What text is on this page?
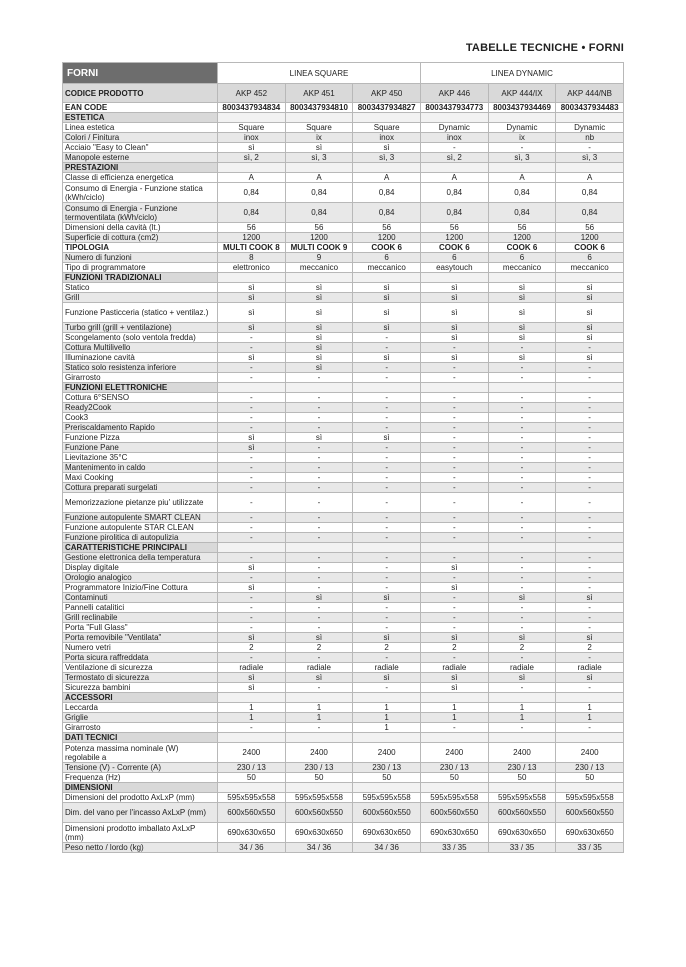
TABELLE TECNICHE • FORNI
FORNI	LINEA SQUARE			LINEA DYNAMIC		
CODICE PRODOTTO	AKP 452	AKP 451	AKP 450	AKP 446	AKP 444/IX	AKP 444/NB
EAN CODE	8003437934834	8003437934810	8003437934827	8003437934773	8003437934469	8003437934483
ESTETICA						
Linea estetica	Square	Square	Square	Dynamic	Dynamic	Dynamic
Colori / Finitura	inox	ix	inox	inox	ix	nb
Acciaio "Easy to Clean"	sì	sì	sì	-	-	-
Manopole esterne	sì, 2	sì, 3	sì, 3	sì, 2	sì, 3	sì, 3
PRESTAZIONI						
Classe di efficienza energetica	A	A	A	A	A	A
Consumo di Energia - Funzione statica (kWh/ciclo)	0,84	0,84	0,84	0,84	0,84	0,84
Consumo di Energia - Funzione termoventilata (kWh/ciclo)	0,84	0,84	0,84	0,84	0,84	0,84
Dimensioni della cavità (lt.)	56	56	56	56	56	56
Superficie di cottura (cm2)	1200	1200	1200	1200	1200	1200
TIPOLOGIA	MULTI COOK 8	MULTI COOK 9	COOK 6	COOK 6	COOK 6	COOK 6
Numero di funzioni	8	9	6	6	6	6
Tipo di programmatore	elettronico	meccanico	meccanico	easytouch	meccanico	meccanico
FUNZIONI TRADIZIONALI						
Statico	sì	sì	sì	sì	sì	sì
Grill	sì	sì	sì	sì	sì	sì
Funzione Pasticceria (statico + ventilaz.)	sì	sì	sì	sì	sì	sì
Turbo grill (grill + ventilazione)	sì	sì	sì	sì	sì	sì
Scongelamento (solo ventola fredda)	-	sì	-	sì	sì	sì
Cottura Multilivello	-	sì	-	-	-	-
Illuminazione cavità	sì	sì	sì	sì	sì	sì
Statico solo resistenza inferiore	-	sì	-	-	-	-
Girarrosto	-	-	-	-	-	-
FUNZIONI ELETTRONICHE						
Cottura 6°SENSO	-	-	-	-	-	-
Ready2Cook	-	-	-	-	-	-
Cook3	-	-	-	-	-	-
Preriscaldamento Rapido	-	-	-	-	-	-
Funzione Pizza	sì	sì	sì	-	-	-
Funzione Pane	sì	-	-	-	-	-
Lievitazione 35°C	-	-	-	-	-	-
Mantenimento in caldo	-	-	-	-	-	-
Maxi Cooking	-	-	-	-	-	-
Cottura preparati surgelati	-	-	-	-	-	-
Memorizzazione pietanze piu' utilizzate	-	-	-	-	-	-
Funzione autopulente SMART CLEAN	-	-	-	-	-	-
Funzione autopulente STAR CLEAN	-	-	-	-	-	-
Funzione pirolitica di autopulizia	-	-	-	-	-	-
CARATTERISTICHE PRINCIPALI						
Gestione elettronica della temperatura	-	-	-	-	-	-
Display digitale	sì	-	-	sì	-	-
Orologio analogico	-	-	-	-	-	-
Programmatore Inizio/Fine Cottura	sì	-	-	sì	-	-
Contaminuti	-	sì	sì	-	sì	sì
Pannelli catalitici	-	-	-	-	-	-
Grill reclinabile	-	-	-	-	-	-
Porta "Full Glass"	-	-	-	-	-	-
Porta removibile "Ventilata"	sì	sì	sì	sì	sì	sì
Numero vetri	2	2	2	2	2	2
Porta sicura raffreddata	-	-	-	-	-	-
Ventilazione di sicurezza	radiale	radiale	radiale	radiale	radiale	radiale
Termostato di sicurezza	sì	sì	sì	sì	sì	sì
Sicurezza bambini	sì	-	-	sì	-	-
ACCESSORI						
Leccarda	1	1	1	1	1	1
Griglie	1	1	1	1	1	1
Girarrosto	-	-	1	-	-	-
DATI TECNICI						
Potenza massima nominale (W) regolabile a	2400	2400	2400	2400	2400	2400
Tensione (V) - Corrente (A)	230 / 13	230 / 13	230 / 13	230 / 13	230 / 13	230 / 13
Frequenza (Hz)	50	50	50	50	50	50
DIMENSIONI						
Dimensioni del prodotto AxLxP (mm)	595x595x558	595x595x558	595x595x558	595x595x558	595x595x558	595x595x558
Dim. del vano per l'incasso AxLxP (mm)	600x560x550	600x560x550	600x560x550	600x560x550	600x560x550	600x560x550
Dimensioni prodotto imballato AxLxP (mm)	690x630x650	690x630x650	690x630x650	690x630x650	690x630x650	690x630x650
Peso netto / lordo (kg)	34 / 36	34 / 36	34 / 36	33 / 35	33 / 35	33 / 35
